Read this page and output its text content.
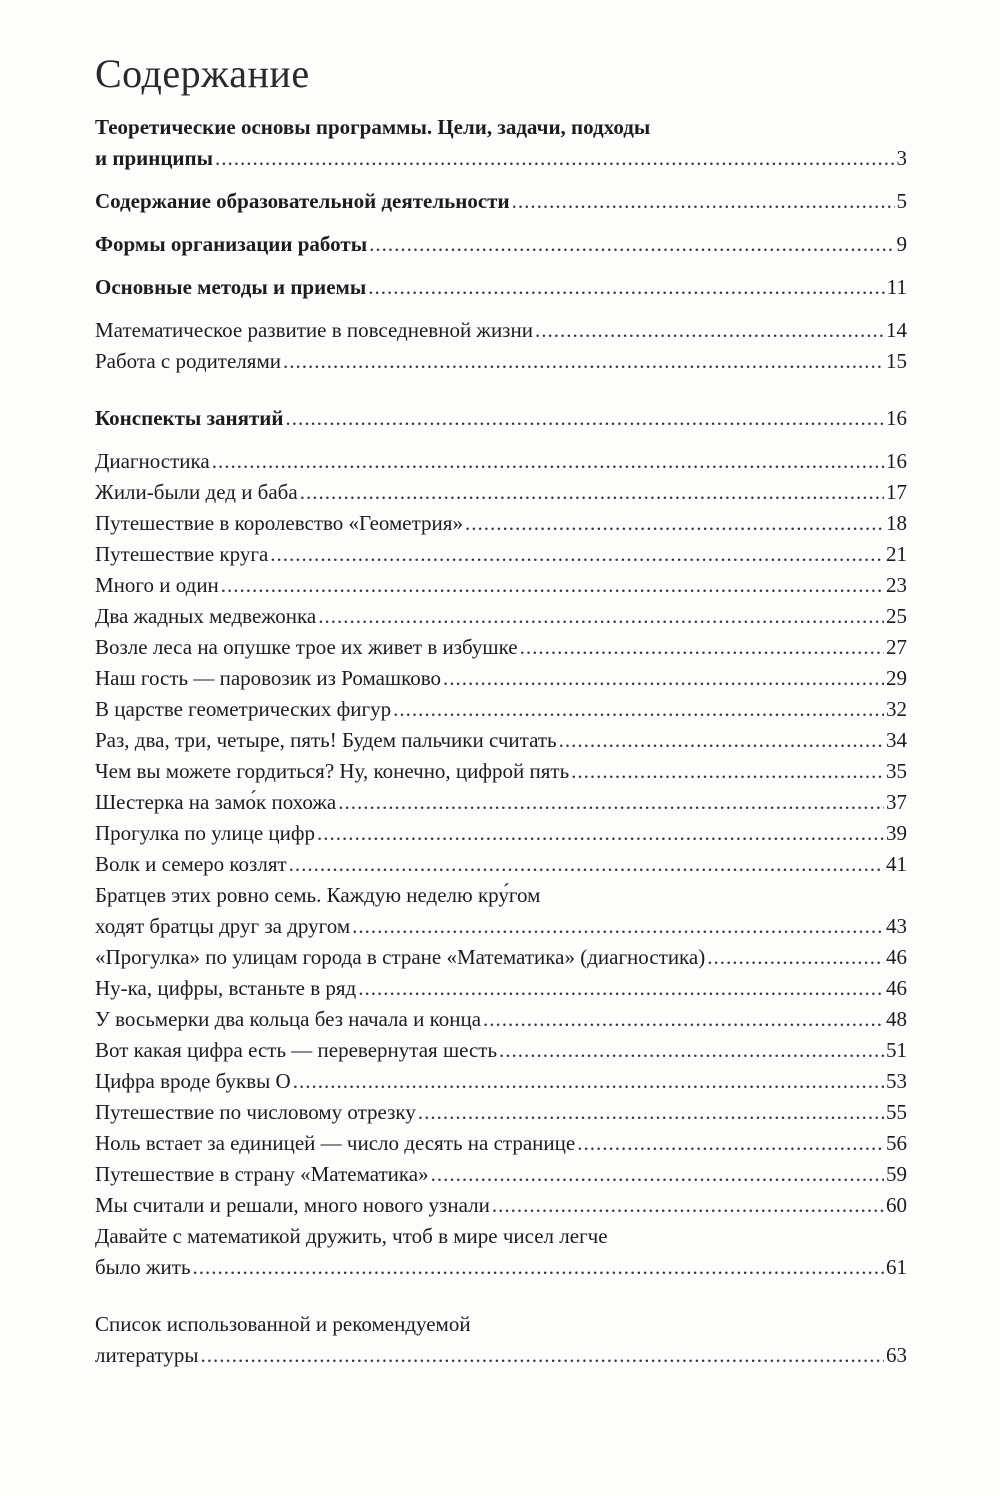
Содержание
Теоретические основы программы. Цели, задачи, подходы
и принципы .....	3
Содержание образовательной деятельности .....	5
Формы организации работы .....	9
Основные методы и приемы .....	11
Математическое развитие в повседневной жизни .....	14
Работа с родителями .....	15
Конспекты занятий .....	16
Диагностика .....	16
Жили-были дед и баба .....	17
Путешествие в королевство «Геометрия» .....	18
Путешествие круга .....	21
Много и один .....	23
Два жадных медвежонка .....	25
Возле леса на опушке трое их живет в избушке .....	27
Наш гость — паровозик из Ромашково .....	29
В царстве геометрических фигур .....	32
Раз, два, три, четыре, пять! Будем пальчики считать .....	34
Чем вы можете гордиться? Ну, конечно, цифрой пять .....	35
Шестерка на замо́к похожа .....	37
Прогулка по улице цифр .....	39
Волк и семеро козлят .....	41
Братцев этих ровно семь. Каждую неделю кру́гом
ходят братцы друг за другом .....	43
«Прогулка» по улицам города в стране «Математика» (диагностика) .....	46
Ну-ка, цифры, встаньте в ряд .....	46
У восьмерки два кольца без начала и конца .....	48
Вот какая цифра есть — перевернутая шесть .....	51
Цифра вроде буквы О .....	53
Путешествие по числовому отрезку .....	55
Ноль встает за единицей — число десять на странице .....	56
Путешествие в страну «Математика» .....	59
Мы считали и решали, много нового узнали .....	60
Давайте с математикой дружить, чтоб в мире чисел легче
было жить .....	61
Список использованной и рекомендуемой
литературы .....	63
